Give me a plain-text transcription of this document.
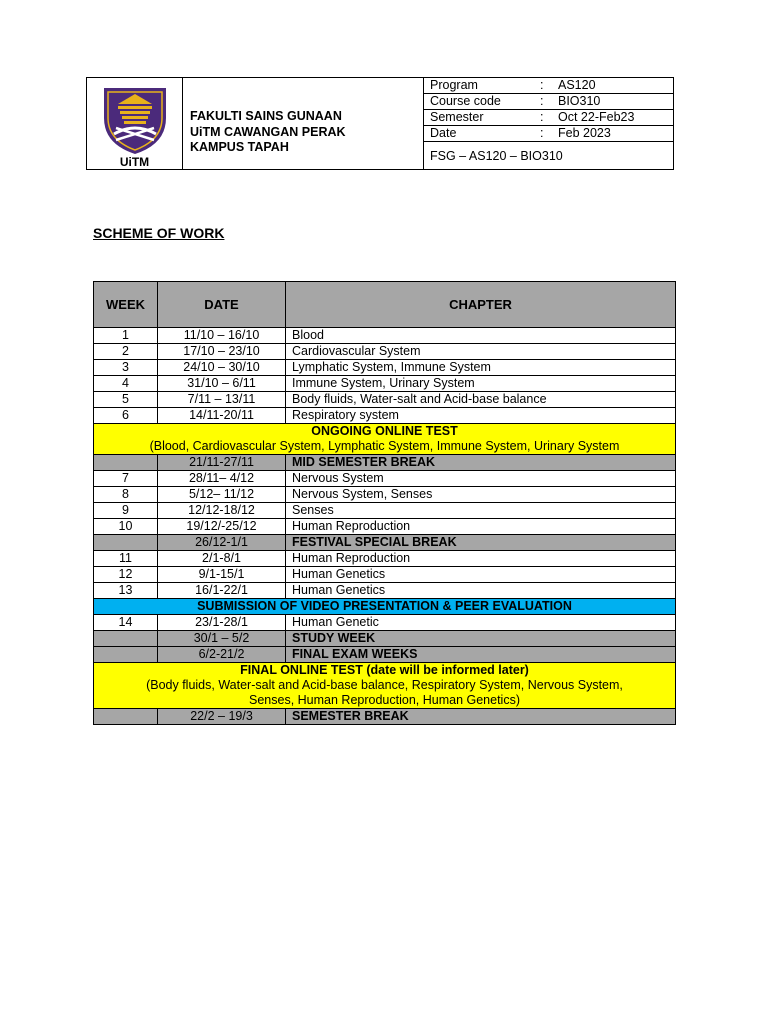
UiTM
FAKULTI SAINS GUNAAN
UiTM CAWANGAN PERAK
KAMPUS TAPAH
Program	: AS120
Course code	: BIO310
Semester	: Oct 22-Feb23
Date	: Feb 2023
FSG – AS120 – BIO310
SCHEME OF WORK
WEEK	DATE	CHAPTER
1	11/10 – 16/10	Blood
2	17/10 – 23/10	Cardiovascular System
3	24/10 – 30/10	Lymphatic System, Immune System
4	31/10 – 6/11	Immune System, Urinary System
5	7/11 – 13/11	Body fluids, Water-salt and Acid-base balance
6	14/11-20/11	Respiratory system

ONGOING ONLINE TEST
(Blood, Cardiovascular System, Lymphatic System, Immune System, Urinary System		

	21/11-27/11	MID SEMESTER BREAK
7	28/11– 4/12	Nervous System
8	5/12– 11/12	Nervous System, Senses
9	12/12-18/12	Senses
10	19/12/-25/12	Human Reproduction
	26/12-1/1	FESTIVAL SPECIAL BREAK
11	2/1-8/1	Human Reproduction
12	9/1-15/1	Human Genetics
13	16/1-22/1	Human Genetics

SUBMISSION OF VIDEO PRESENTATION & PEER EVALUATION		

14	23/1-28/1	Human Genetic
	30/1 – 5/2	STUDY WEEK
	6/2-21/2	FINAL EXAM WEEKS

FINAL ONLINE TEST (date will be informed later)
(Body fluids, Water-salt and Acid-base balance, Respiratory System, Nervous System,
Senses, Human Reproduction, Human Genetics)		

	22/2 – 19/3	SEMESTER BREAK
